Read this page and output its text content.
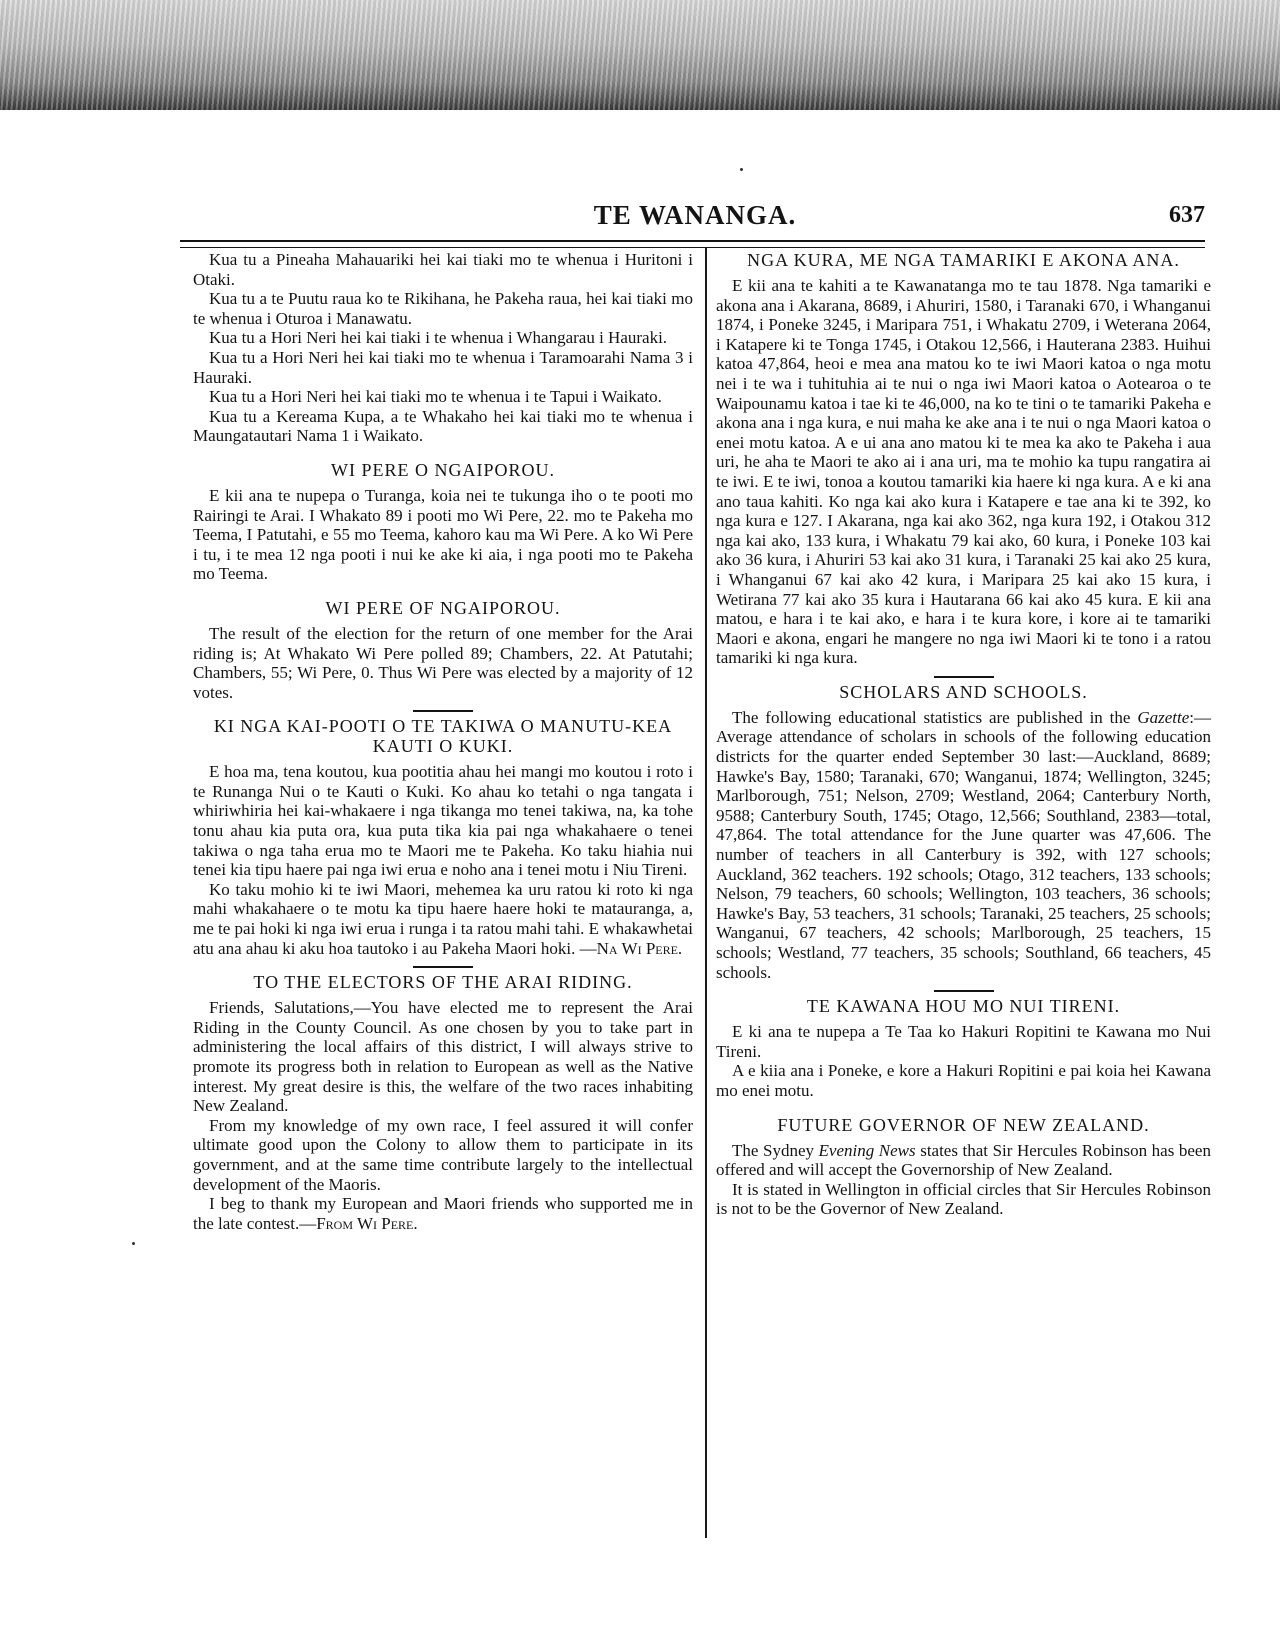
TE WANANGA.	637

Kua tu a Pineaha Mahauariki hei kai tiaki mo te whenua i Huritoni i Otaki.

Kua tu a te Puutu raua ko te Rikihana, he Pakeha raua, hei kai tiaki mo te whenua i Oturoa i Manawatu.

Kua tu a Hori Neri hei kai tiaki i te whenua i Whangarau i Hauraki.

Kua tu a Hori Neri hei kai tiaki mo te whenua i Taramoarahi Nama 3 i Hauraki.

Kua tu a Hori Neri hei kai tiaki mo te whenua i te Tapui i Waikato.

Kua tu a Kereama Kupa, a te Whakaho hei kai tiaki mo te whenua i Maungatautari Nama 1 i Waikato.

WI PERE O NGAIPOROU.

E kii ana te nupepa o Turanga, koia nei te tukunga iho o te pooti mo Rairingi te Arai. I Whakato 89 i pooti mo Wi Pere, 22. mo te Pakeha mo Teema, I Patutahi, e 55 mo Teema, kahoro kau ma Wi Pere. A ko Wi Pere i tu, i te mea 12 nga pooti i nui ke ake ki aia, i nga pooti mo te Pakeha mo Teema.

WI PERE OF NGAIPOROU.

The result of the election for the return of one member for the Arai riding is; At Whakato Wi Pere polled 89; Chambers, 22. At Patutahi; Chambers, 55; Wi Pere, 0. Thus Wi Pere was elected by a majority of 12 votes.

KI NGA KAI-POOTI O TE TAKIWA O MANUTU-KEA KAUTI O KUKI.

E hoa ma, tena koutou, kua pootitia ahau hei mangi mo koutou i roto i te Runanga Nui o te Kauti o Kuki. Ko ahau ko tetahi o nga tangata i whiriwhiria hei kai-whakaere i nga tikanga mo tenei takiwa, na, ka tohe tonu ahau kia puta ora, kua puta tika kia pai nga whakahaere o tenei takiwa o nga taha erua mo te Maori me te Pakeha. Ko taku hiahia nui tenei kia tipu haere pai nga iwi erua e noho ana i tenei motu i Niu Tireni.

Ko taku mohio ki te iwi Maori, mehemea ka uru ratou ki roto ki nga mahi whakahaere o te motu ka tipu haere haere hoki te matauranga, a, me te pai hoki ki nga iwi erua i runga i ta ratou mahi tahi. E whakawhetai atu ana ahau ki aku hoa tautoko i au Pakeha Maori hoki. —Na Wi Pere.

TO THE ELECTORS OF THE ARAI RIDING.

Friends, Salutations,—You have elected me to represent the Arai Riding in the County Council. As one chosen by you to take part in administering the local affairs of this district, I will always strive to promote its progress both in relation to European as well as the Native interest. My great desire is this, the welfare of the two races inhabiting New Zealand.

From my knowledge of my own race, I feel assured it will confer ultimate good upon the Colony to allow them to participate in its government, and at the same time contribute largely to the intellectual development of the Maoris.

I beg to thank my European and Maori friends who supported me in the late contest.—From Wi Pere.

NGA KURA, ME NGA TAMARIKI E AKONA ANA.

E kii ana te kahiti a te Kawanatanga mo te tau 1878. Nga tamariki e akona ana i Akarana, 8689, i Ahuriri, 1580, i Taranaki 670, i Whanganui 1874, i Poneke 3245, i Maripara 751, i Whakatu 2709, i Weterana 2064, i Katapere ki te Tonga 1745, i Otakou 12,566, i Hauterana 2383. Huihui katoa 47,864, heoi e mea ana matou ko te iwi Maori katoa o nga motu nei i te wa i tuhituhia ai te nui o nga iwi Maori katoa o Aotearoa o te Waipounamu katoa i tae ki te 46,000, na ko te tini o te tamariki Pakeha e akona ana i nga kura, e nui maha ke ake ana i te nui o nga Maori katoa o enei motu katoa. A e ui ana ano matou ki te mea ka ako te Pakeha i aua uri, he aha te Maori te ako ai i ana uri, ma te mohio ka tupu rangatira ai te iwi. E te iwi, tonoa a koutou tamariki kia haere ki nga kura. A e ki ana ano taua kahiti. Ko nga kai ako kura i Katapere e tae ana ki te 392, ko nga kura e 127. I Akarana, nga kai ako 362, nga kura 192, i Otakou 312 nga kai ako, 133 kura, i Whakatu 79 kai ako, 60 kura, i Poneke 103 kai ako 36 kura, i Ahuriri 53 kai ako 31 kura, i Taranaki 25 kai ako 25 kura, i Whanganui 67 kai ako 42 kura, i Maripara 25 kai ako 15 kura, i Wetirana 77 kai ako 35 kura i Hautarana 66 kai ako 45 kura. E kii ana matou, e hara i te kai ako, e hara i te kura kore, i kore ai te tamariki Maori e akona, engari he mangere no nga iwi Maori ki te tono i a ratou tamariki ki nga kura.

SCHOLARS AND SCHOOLS.

The following educational statistics are published in the Gazette:—Average attendance of scholars in schools of the following education districts for the quarter ended September 30 last:—Auckland, 8689; Hawke's Bay, 1580; Taranaki, 670; Wanganui, 1874; Wellington, 3245; Marlborough, 751; Nelson, 2709; Westland, 2064; Canterbury North, 9588; Canterbury South, 1745; Otago, 12,566; Southland, 2383—total, 47,864. The total attendance for the June quarter was 47,606. The number of teachers in all Canterbury is 392, with 127 schools; Auckland, 362 teachers. 192 schools; Otago, 312 teachers, 133 schools; Nelson, 79 teachers, 60 schools; Wellington, 103 teachers, 36 schools; Hawke's Bay, 53 teachers, 31 schools; Taranaki, 25 teachers, 25 schools; Wanganui, 67 teachers, 42 schools; Marlborough, 25 teachers, 15 schools; Westland, 77 teachers, 35 schools; Southland, 66 teachers, 45 schools.

TE KAWANA HOU MO NUI TIRENI.

E ki ana te nupepa a Te Taa ko Hakuri Ropitini te Kawana mo Nui Tireni.

A e kiia ana i Poneke, e kore a Hakuri Ropitini e pai koia hei Kawana mo enei motu.

FUTURE GOVERNOR OF NEW ZEALAND.

The Sydney Evening News states that Sir Hercules Robinson has been offered and will accept the Governorship of New Zealand.

It is stated in Wellington in official circles that Sir Hercules Robinson is not to be the Governor of New Zealand.
